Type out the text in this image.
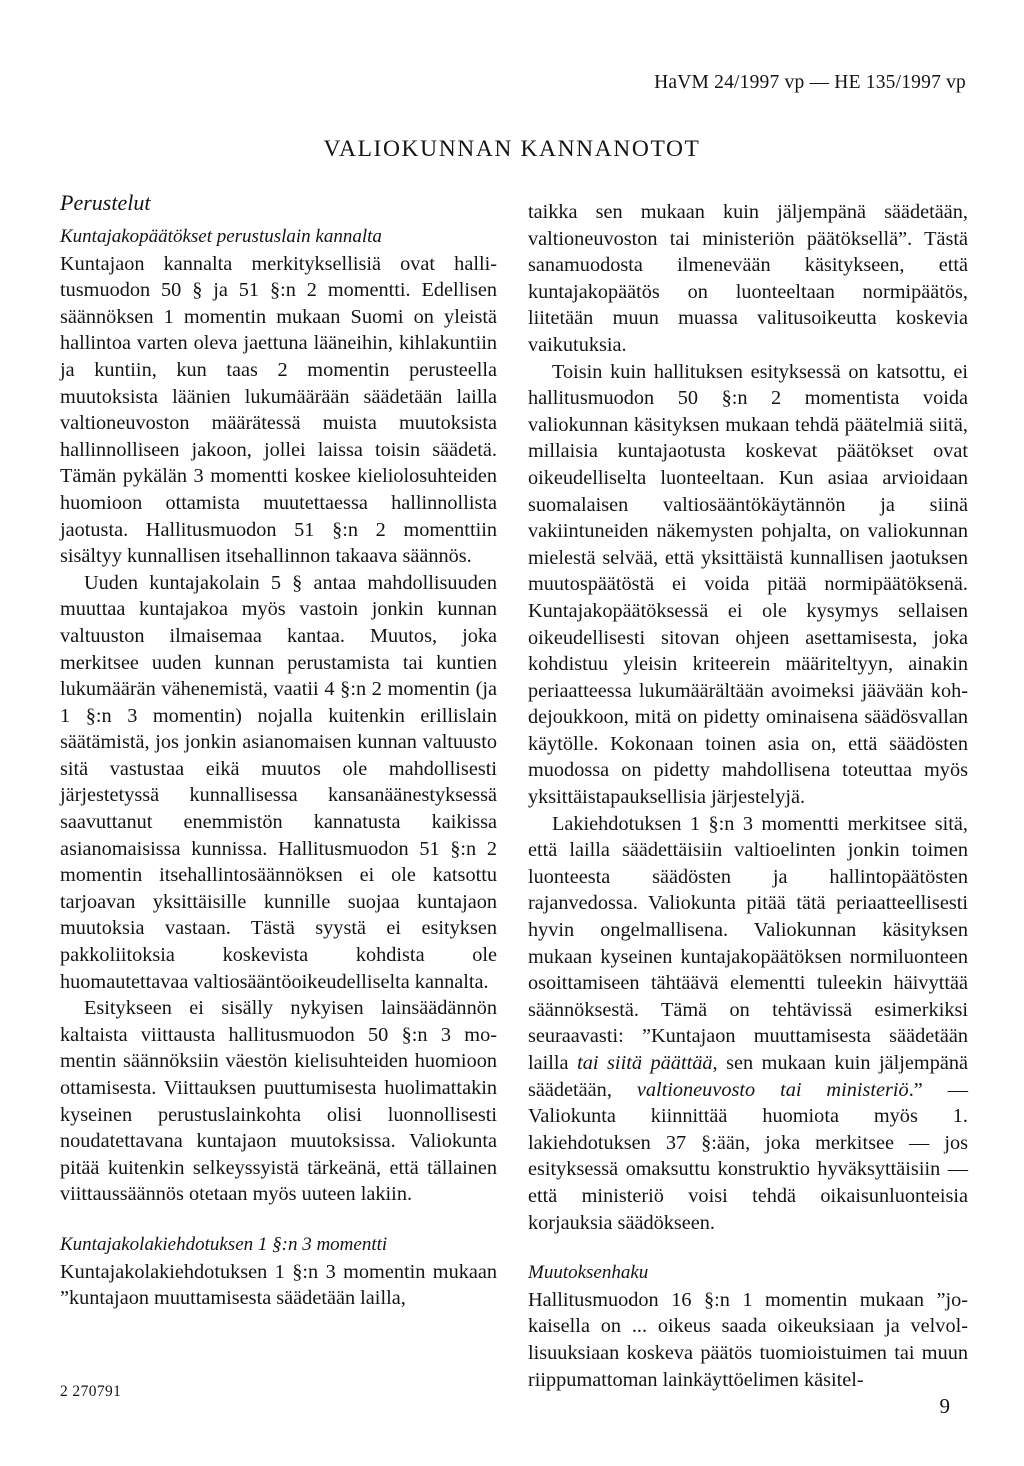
HaVM 24/1997 vp — HE 135/1997 vp
VALIOKUNNAN KANNANOTOT
Perustelut
Kuntajakopäätökset perustuslain kannalta

Kuntajaon kannalta merkityksellisiä ovat hallitusmuodon 50 § ja 51 §:n 2 momentti. Edellisen säännöksen 1 momentin mukaan Suomi on yleistä hallintoa varten oleva jaettuna lääneihin, kihlakuntiin ja kuntiin, kun taas 2 momentin perusteella muutoksista läänien lukumäärään säädetään lailla valtioneuvoston määrätessä muista muutoksista hallinnolliseen jakoon, jollei laissa toisin säädetä. Tämän pykälän 3 momentti koskee kieliolosuhteiden huomioon ottamista muutettaessa hallinnollista jaotusta. Hallitusmuodon 51 §:n 2 momenttiin sisältyy kunnallisen itsehallinnon takaava säännös.

Uuden kuntajakolain 5 § antaa mahdollisuuden muuttaa kuntajakoa myös vastoin jonkin kunnan valtuuston ilmaisemaa kantaa. Muutos, joka merkitsee uuden kunnan perustamista tai kuntien lukumäärän vähenemistä, vaatii 4 §:n 2 momentin (ja 1 §:n 3 momentin) nojalla kuitenkin erillislain säätämistä, jos jonkin asianomaisen kunnan valtuusto sitä vastustaa eikä muutos ole mahdollisesti järjestetyssä kunnallisessa kansanäänestyksessä saavuttanut enemmistön kannatusta kaikissa asianomaisissa kunnissa. Hallitusmuodon 51 §:n 2 momentin itsehallintosäännöksen ei ole katsottu tarjoavan yksittäisille kunnille suojaa kuntajaon muutoksia vastaan. Tästä syystä ei esityksen pakkoliitoksia koskevista kohdista ole huomautettavaa valtiosääntöoikeudelliselta kannalta.

Esitykseen ei sisälly nykyisen lainsäädännön kaltaista viittausta hallitusmuodon 50 §:n 3 momentin säännöksiin väestön kielisuhteiden huomioon ottamisesta. Viittauksen puuttumisesta huolimattakin kyseinen perustuslainkohta olisi luonnollisesti noudatettavana kuntajaon muutoksissa. Valiokunta pitää kuitenkin selkeyssyistä tärkeänä, että tällainen viittaussäännös otetaan myös uuteen lakiin.

Kuntajakolakiehdotuksen 1 §:n 3 momentti

Kuntajakolakiehdotuksen 1 §:n 3 momentin mukaan ”kuntajaon muuttamisesta säädetään lailla,

taikka sen mukaan kuin jäljempänä säädetään, valtioneuvoston tai ministeriön päätöksellä”. Tästä sanamuodosta ilmenevään käsitykseen, että kuntajakopäätös on luonteeltaan normipäätös, liitetään muun muassa valitusoikeutta koskevia vaikutuksia.

Toisin kuin hallituksen esityksessä on katsottu, ei hallitusmuodon 50 §:n 2 momentista voida valiokunnan käsityksen mukaan tehdä päätelmiä siitä, millaisia kuntajaotusta koskevat päätökset ovat oikeudelliselta luonteeltaan. Kun asiaa arvioidaan suomalaisen valtiosääntökäytännön ja siinä vakiintuneiden näkemysten pohjalta, on valiokunnan mielestä selvää, että yksittäistä kunnallisen jaotuksen muutospäätöstä ei voida pitää normipäätöksenä. Kuntajakopäätöksessä ei ole kysymys sellaisen oikeudellisesti sitovan ohjeen asettamisesta, joka kohdistuu yleisin kriteerein määriteltyyn, ainakin periaatteessa lukumäärältään avoimeksi jäävään kohdejoukkoon, mitä on pidetty ominaisena säädösvallan käytölle. Kokonaan toinen asia on, että säädösten muodossa on pidetty mahdollisena toteuttaa myös yksittäistapauksellisia järjestelyjä.

Lakiehdotuksen 1 §:n 3 momentti merkitsee sitä, että lailla säädettäisiin valtioelinten jonkin toimen luonteesta säädösten ja hallintopäätösten rajanvedossa. Valiokunta pitää tätä periaatteellisesti hyvin ongelmallisena. Valiokunnan käsityksen mukaan kyseinen kuntajakopäätöksen normiluonteen osoittamiseen tähtäävä elementti tuleekin häivyttää säännöksestä. Tämä on tehtävissä esimerkiksi seuraavasti: ”Kuntajaon muuttamisesta säädetään lailla tai siitä päättää, sen mukaan kuin jäljempänä säädetään, valtioneuvosto tai ministeriö.” — Valiokunta kiinnittää huomiota myös 1. lakiehdotuksen 37 §:ään, joka merkitsee — jos esityksessä omaksuttu konstruktio hyväksyttäisiin — että ministeriö voisi tehdä oikaisunluonteisia korjauksia säädökseen.

Muutoksenhaku

Hallitusmuodon 16 §:n 1 momentin mukaan ”jokaisella on ... oikeus saada oikeuksiaan ja velvollisuuksiaan koskeva päätös tuomioistuimen tai muun riippumattoman lainkäyttöelimen käsitel-

2 270791
9
